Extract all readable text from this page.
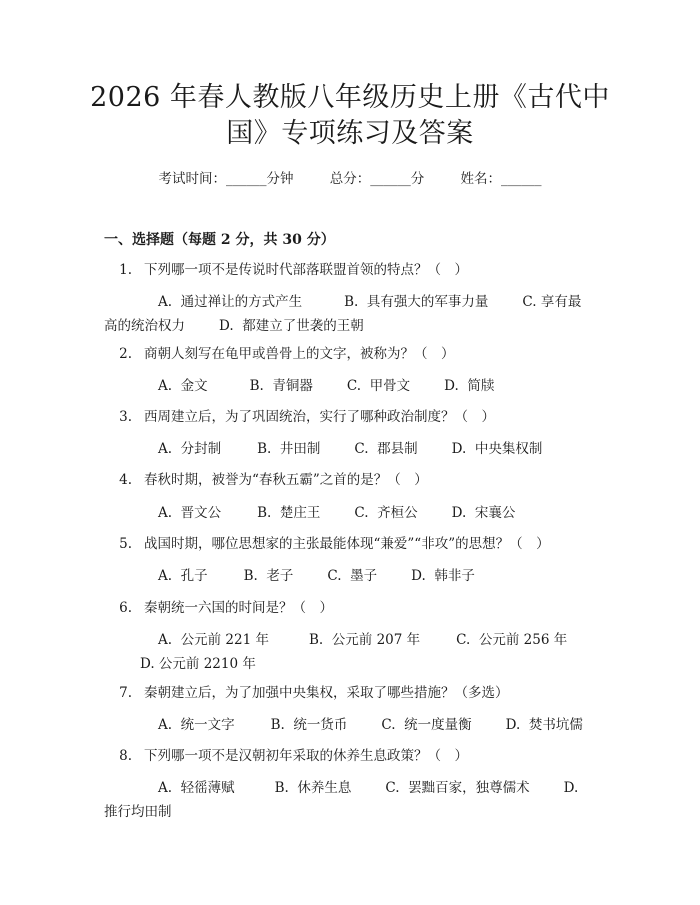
2026 年春人教版八年级历史上册《古代中国》专项练习及答案
考试时间：______分钟	总分：______分	姓名：______
一、选择题（每题 2 分，共 30 分）
1. 下列哪一项不是传说时代部落联盟首领的特点？（　）
A.  通过禅让的方式产生	B.  具有强大的军事力量	C. 享有最高的统治权力	D.  都建立了世袭的王朝
2. 商朝人刻写在龟甲或兽骨上的文字，被称为？（　）
A.  金文	B.  青铜器	C.  甲骨文	D.  简牍
3. 西周建立后，为了巩固统治，实行了哪种政治制度？（　）
A.  分封制	B.  井田制	C.  郡县制	D.  中央集权制
4. 春秋时期，被誉为“春秋五霸”之首的是？（　）
A.  晋文公	B.  楚庄王	C.  齐桓公	D.  宋襄公
5. 战国时期，哪位思想家的主张最能体现“兼爱”“非攻”的思想？（　）
A.  孔子	B.  老子	C.  墨子	D.  韩非子
6. 秦朝统一六国的时间是？（　）
A.  公元前 221 年	B.  公元前 207 年	C.  公元前 256 年D. 公元前 2210 年
7. 秦朝建立后，为了加强中央集权，采取了哪些措施？（多选）
A.  统一文字	B.  统一货币	C.  统一度量衡	D.  焚书坑儒
8. 下列哪一项不是汉朝初年采取的休养生息政策？（　）
A.  轻徭薄赋	B.  休养生息	C.  罢黜百家，独尊儒术	D. 推行均田制
